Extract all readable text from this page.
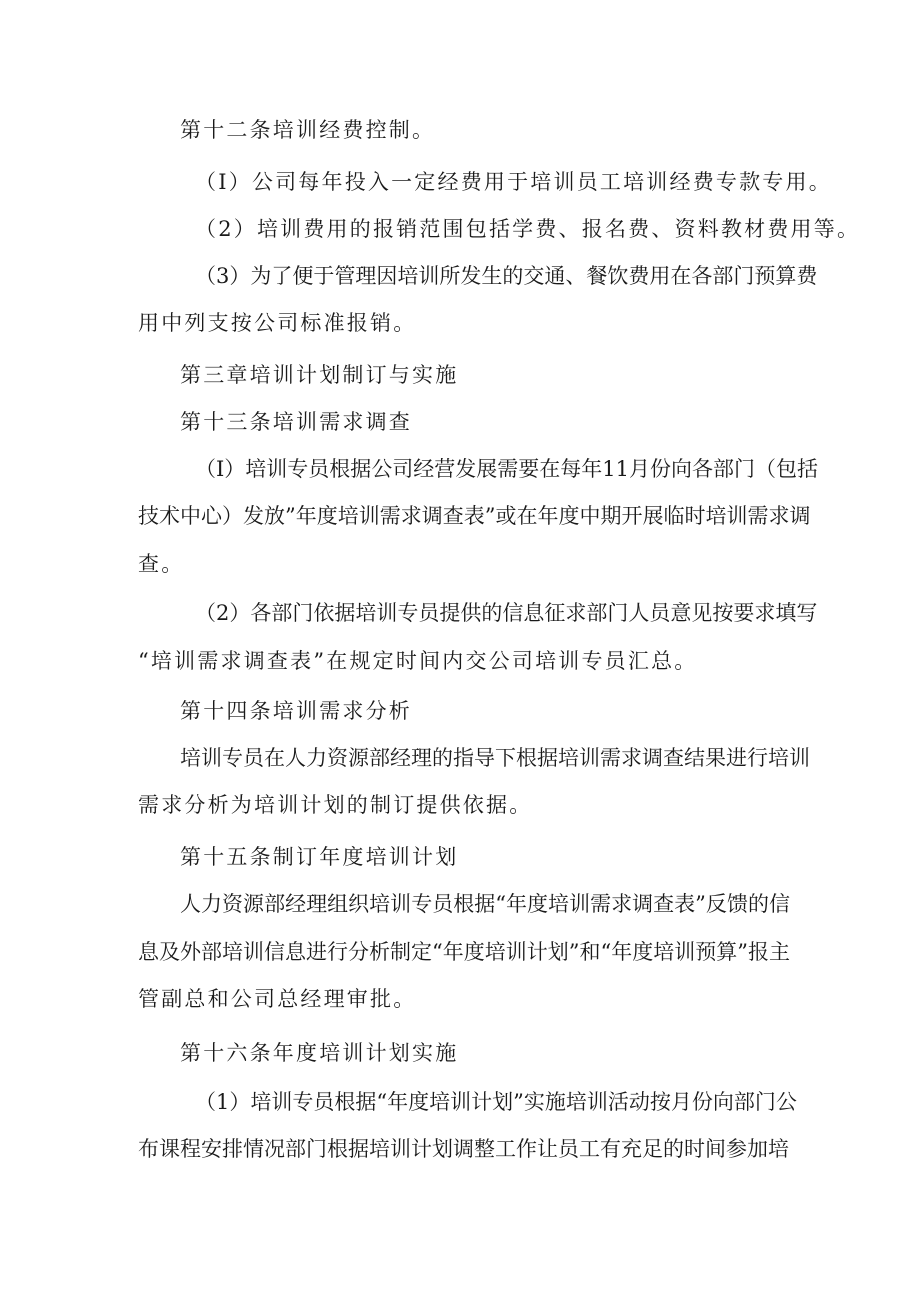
第十二条培训经费控制。

（I）公司每年投入一定经费用于培训员工培训经费专款专用。

（2）培训费用的报销范围包括学费、报名费、资料教材费用等。

（3）为了便于管理因培训所发生的交通、餐饮费用在各部门预算费

用中列支按公司标准报销。

第三章培训计划制订与实施

第十三条培训需求调查

（I）培训专员根据公司经营发展需要在每年11月份向各部门（包括

技术中心）发放”年度培训需求调查表”或在年度中期开展临时培训需求调

查。

（2）各部门依据培训专员提供的信息征求部门人员意见按要求填写

“培训需求调查表”在规定时间内交公司培训专员汇总。

第十四条培训需求分析

培训专员在人力资源部经理的指导下根据培训需求调查结果进行培训

需求分析为培训计划的制订提供依据。

第十五条制订年度培训计划

人力资源部经理组织培训专员根据“年度培训需求调查表”反馈的信

息及外部培训信息进行分析制定“年度培训计划”和“年度培训预算”报主

管副总和公司总经理审批。

第十六条年度培训计划实施

（1）培训专员根据“年度培训计划”实施培训活动按月份向部门公

布课程安排情况部门根据培训计划调整工作让员工有充足的时间参加培
